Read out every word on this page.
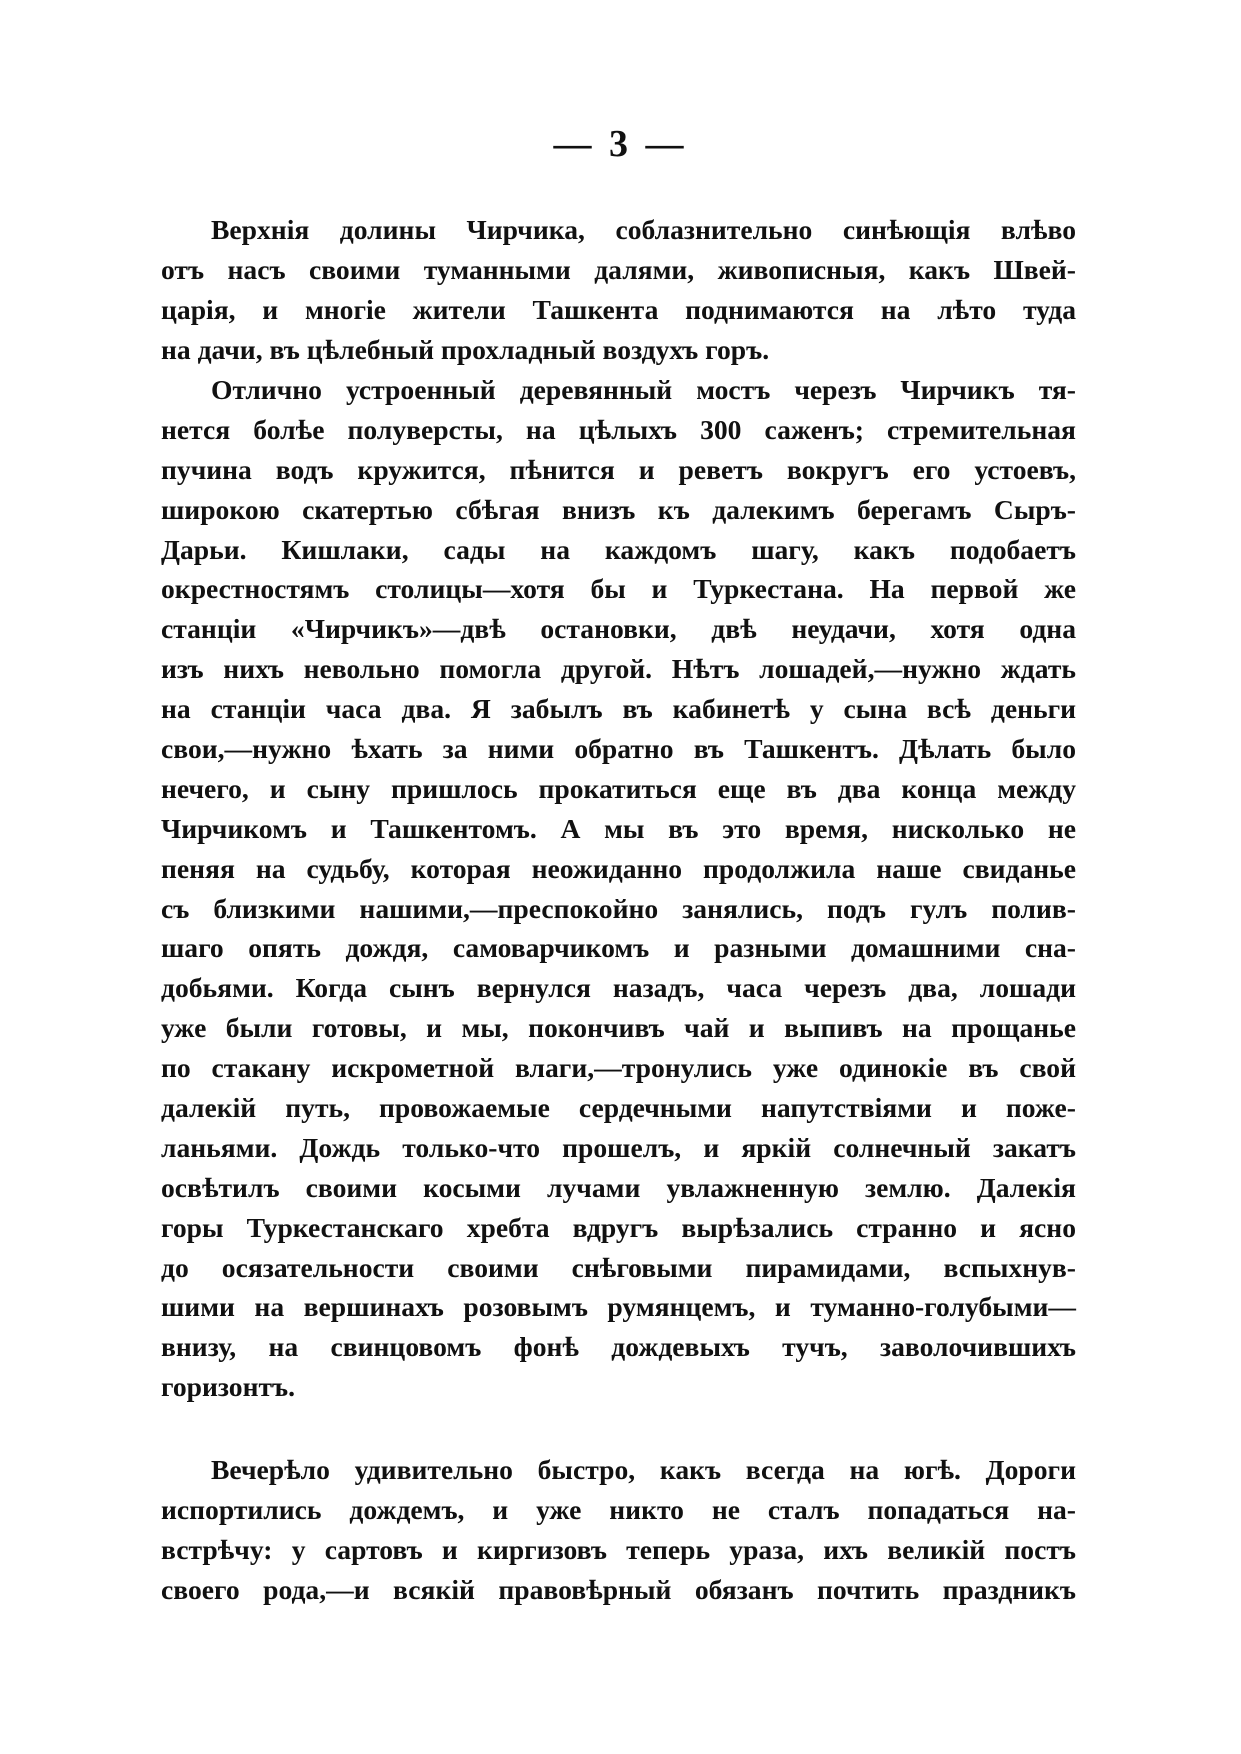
— 3 —
Верхнія долины Чирчика, соблазнительно синѣющія влѣво
отъ насъ своими туманными далями, живописныя, какъ Швей-
царія, и многіе жители Ташкента поднимаются на лѣто туда
на дачи, въ цѣлебный прохладный воздухъ горъ.
Отлично устроенный деревянный мостъ черезъ Чирчикъ тя-
нется болѣе полуверсты, на цѣлыхъ 300 саженъ; стремительная
пучина водъ кружится, пѣнится и реветъ вокругъ его устоевъ,
широкою скатертью сбѣгая внизъ къ далекимъ берегамъ Сыръ-
Дарьи. Кишлаки, сады на каждомъ шагу, какъ подобаетъ
окрестностямъ столицы—хотя бы и Туркестана. На первой же
станціи «Чирчикъ»—двѣ остановки, двѣ неудачи, хотя одна
изъ нихъ невольно помогла другой. Нѣтъ лошадей,—нужно ждать
на станціи часа два. Я забылъ въ кабинетѣ у сына всѣ деньги
свои,—нужно ѣхать за ними обратно въ Ташкентъ. Дѣлать было
нечего, и сыну пришлось прокатиться еще въ два конца между
Чирчикомъ и Ташкентомъ. А мы въ это время, нисколько не
пеняя на судьбу, которая неожиданно продолжила наше свиданье
съ близкими нашими,—преспокойно занялись, подъ гулъ полив-
шаго опять дождя, самоварчикомъ и разными домашними сна-
добьями. Когда сынъ вернулся назадъ, часа черезъ два, лошади
уже были готовы, и мы, покончивъ чай и выпивъ на прощанье
по стакану искрометной влаги,—тронулись уже одинокіе въ свой
далекій путь, провожаемые сердечными напутствіями и поже-
ланьями. Дождь только-что прошелъ, и яркій солнечный закатъ
освѣтилъ своими косыми лучами увлажненную землю. Далекія
горы Туркестанскаго хребта вдругъ вырѣзались странно и ясно
до осязательности своими снѣговыми пирамидами, вспыхнув-
шими на вершинахъ розовымъ румянцемъ, и туманно-голубыми—
внизу, на свинцовомъ фонѣ дождевыхъ тучъ, заволочившихъ
горизонтъ.
Вечерѣло удивительно быстро, какъ всегда на югѣ. Дороги
испортились дождемъ, и уже никто не сталъ попадаться на-
встрѣчу: у сартовъ и киргизовъ теперь ураза, ихъ великій постъ
своего рода,—и всякій правовѣрный обязанъ почтить праздникъ
